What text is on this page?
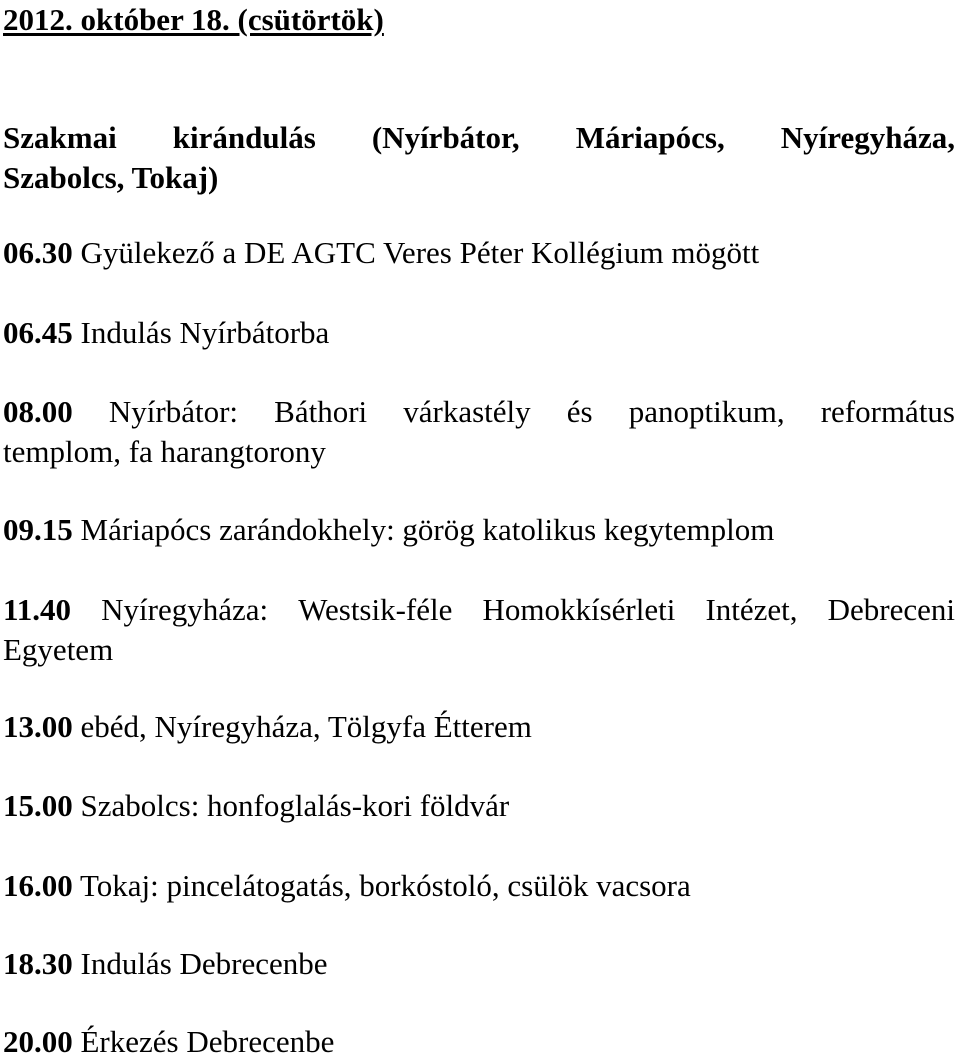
2012. október 18. (csütörtök)
Szakmai kirándulás (Nyírbátor, Máriapócs, Nyíregyháza,
Szabolcs, Tokaj)
06.30 Gyülekező a DE AGTC Veres Péter Kollégium mögött
06.45 Indulás Nyírbátorba
08.00 Nyírbátor: Báthori várkastély és panoptikum, református
templom, fa harangtorony
09.15 Máriapócs zarándokhely: görög katolikus kegytemplom
11.40 Nyíregyháza: Westsik-féle Homokkísérleti Intézet, Debreceni
Egyetem
13.00 ebéd, Nyíregyháza, Tölgyfa Étterem
15.00 Szabolcs: honfoglalás-kori földvár
16.00 Tokaj: pincelátogatás, borkóstoló, csülök vacsora
18.30 Indulás Debrecenbe
20.00 Érkezés Debrecenbe
